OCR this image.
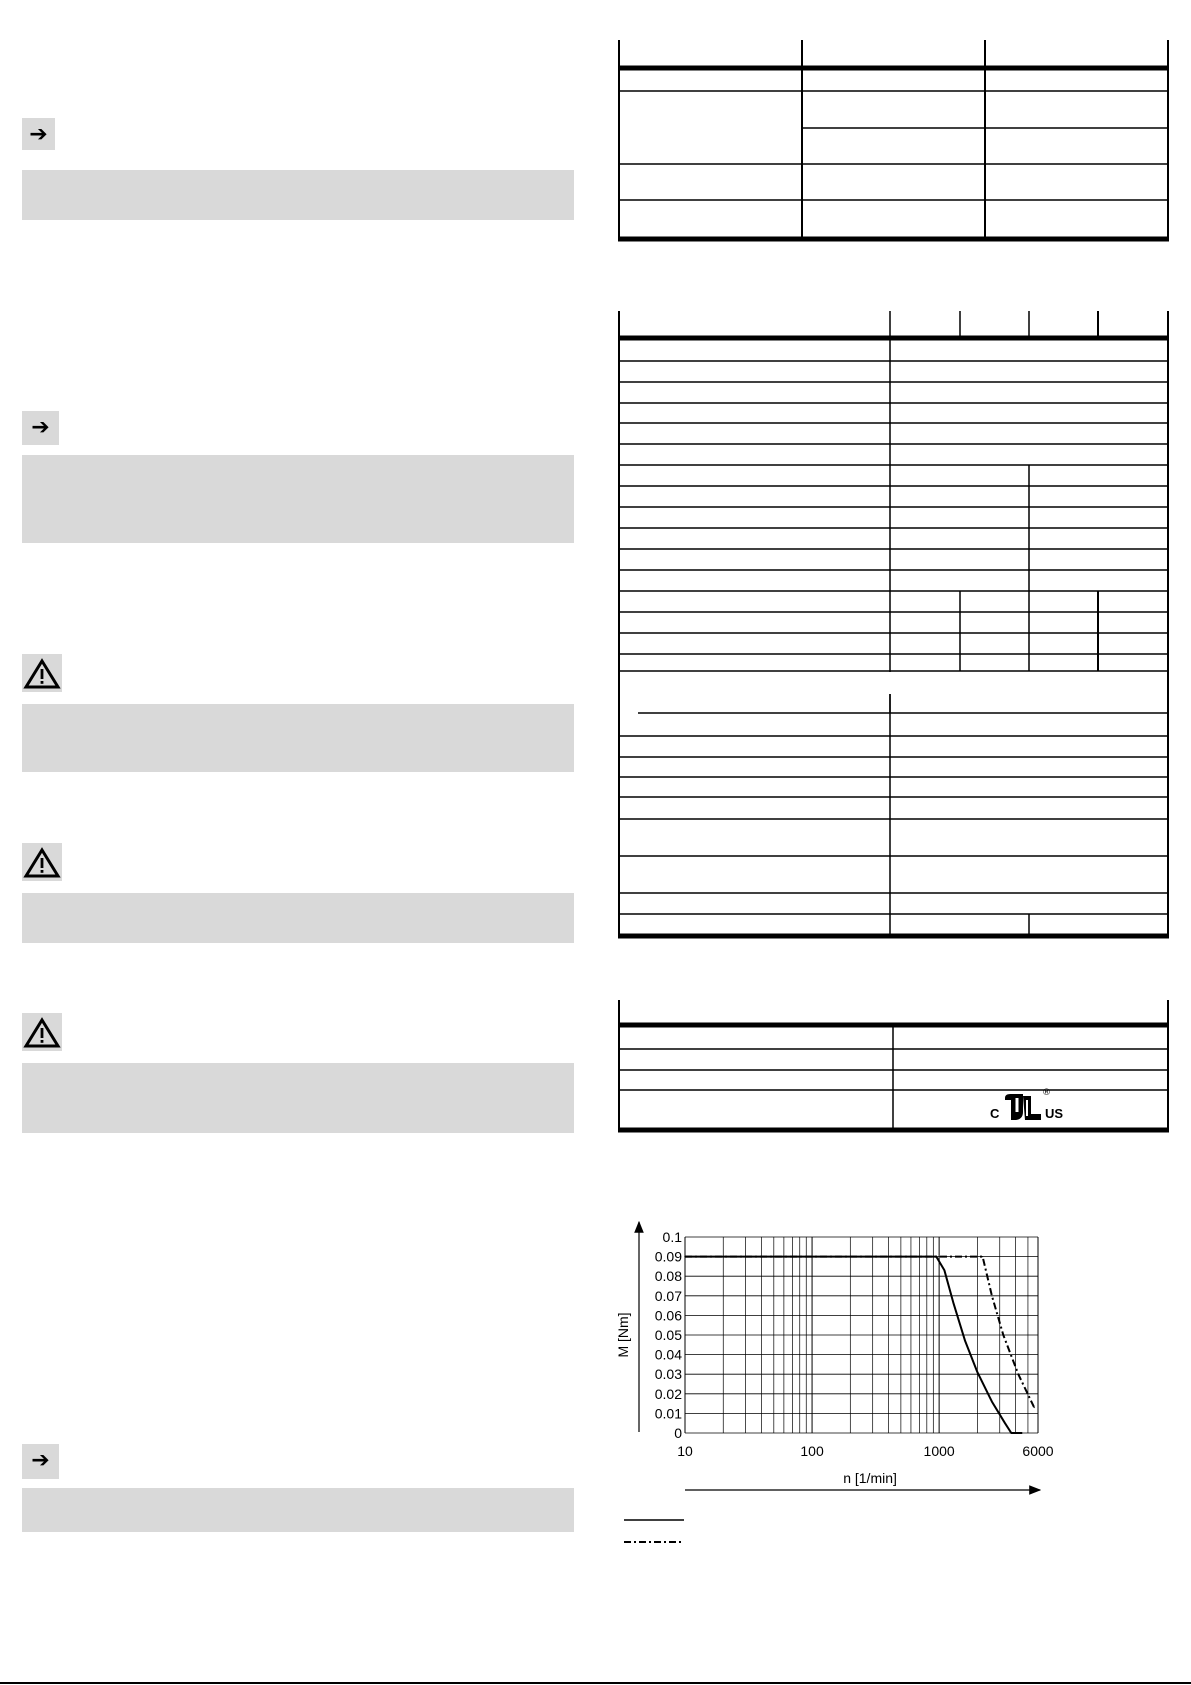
➔
➔
➔
C
®
US
0
0.01
0.02
0.03
0.04
0.05
0.06
0.07
0.08
0.09
0.1
10	100	1000	6000
n [1/min]
M [Nm]
